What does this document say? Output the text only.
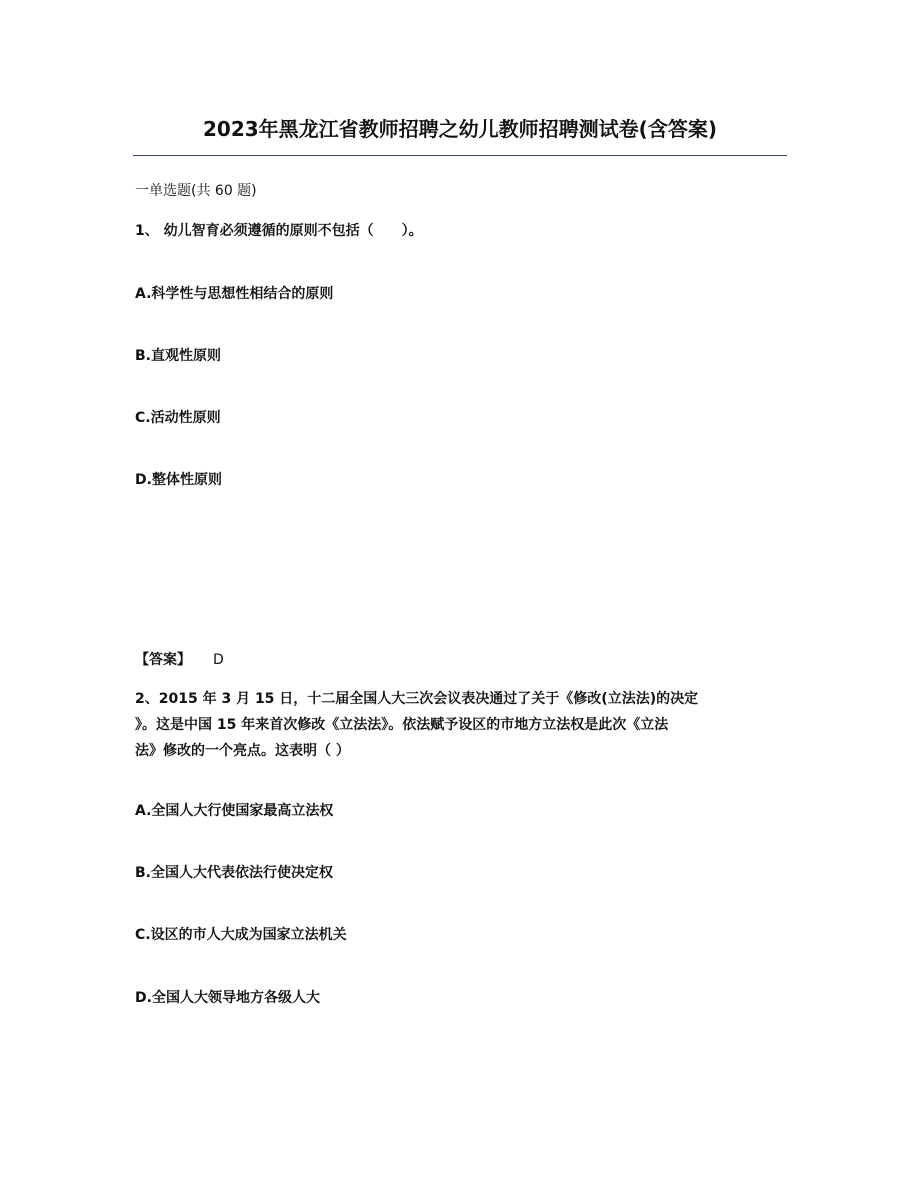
2023年黑龙江省教师招聘之幼儿教师招聘测试卷(含答案)
一单选题(共 60 题)
1、 幼儿智育必须遵循的原则不包括（　　）。
A.科学性与思想性相结合的原则
B.直观性原则
C.活动性原则
D.整体性原则
【答案】 D
2、2015 年 3 月 15 日，十二届全国人大三次会议表决通过了关于《修改(立法法)的决定
》。这是中国 15 年来首次修改《立法法》。依法赋予设区的市地方立法权是此次《立法
法》修改的一个亮点。这表明（ ）
A.全国人大行使国家最高立法权
B.全国人大代表依法行使决定权
C.设区的市人大成为国家立法机关
D.全国人大领导地方各级人大
